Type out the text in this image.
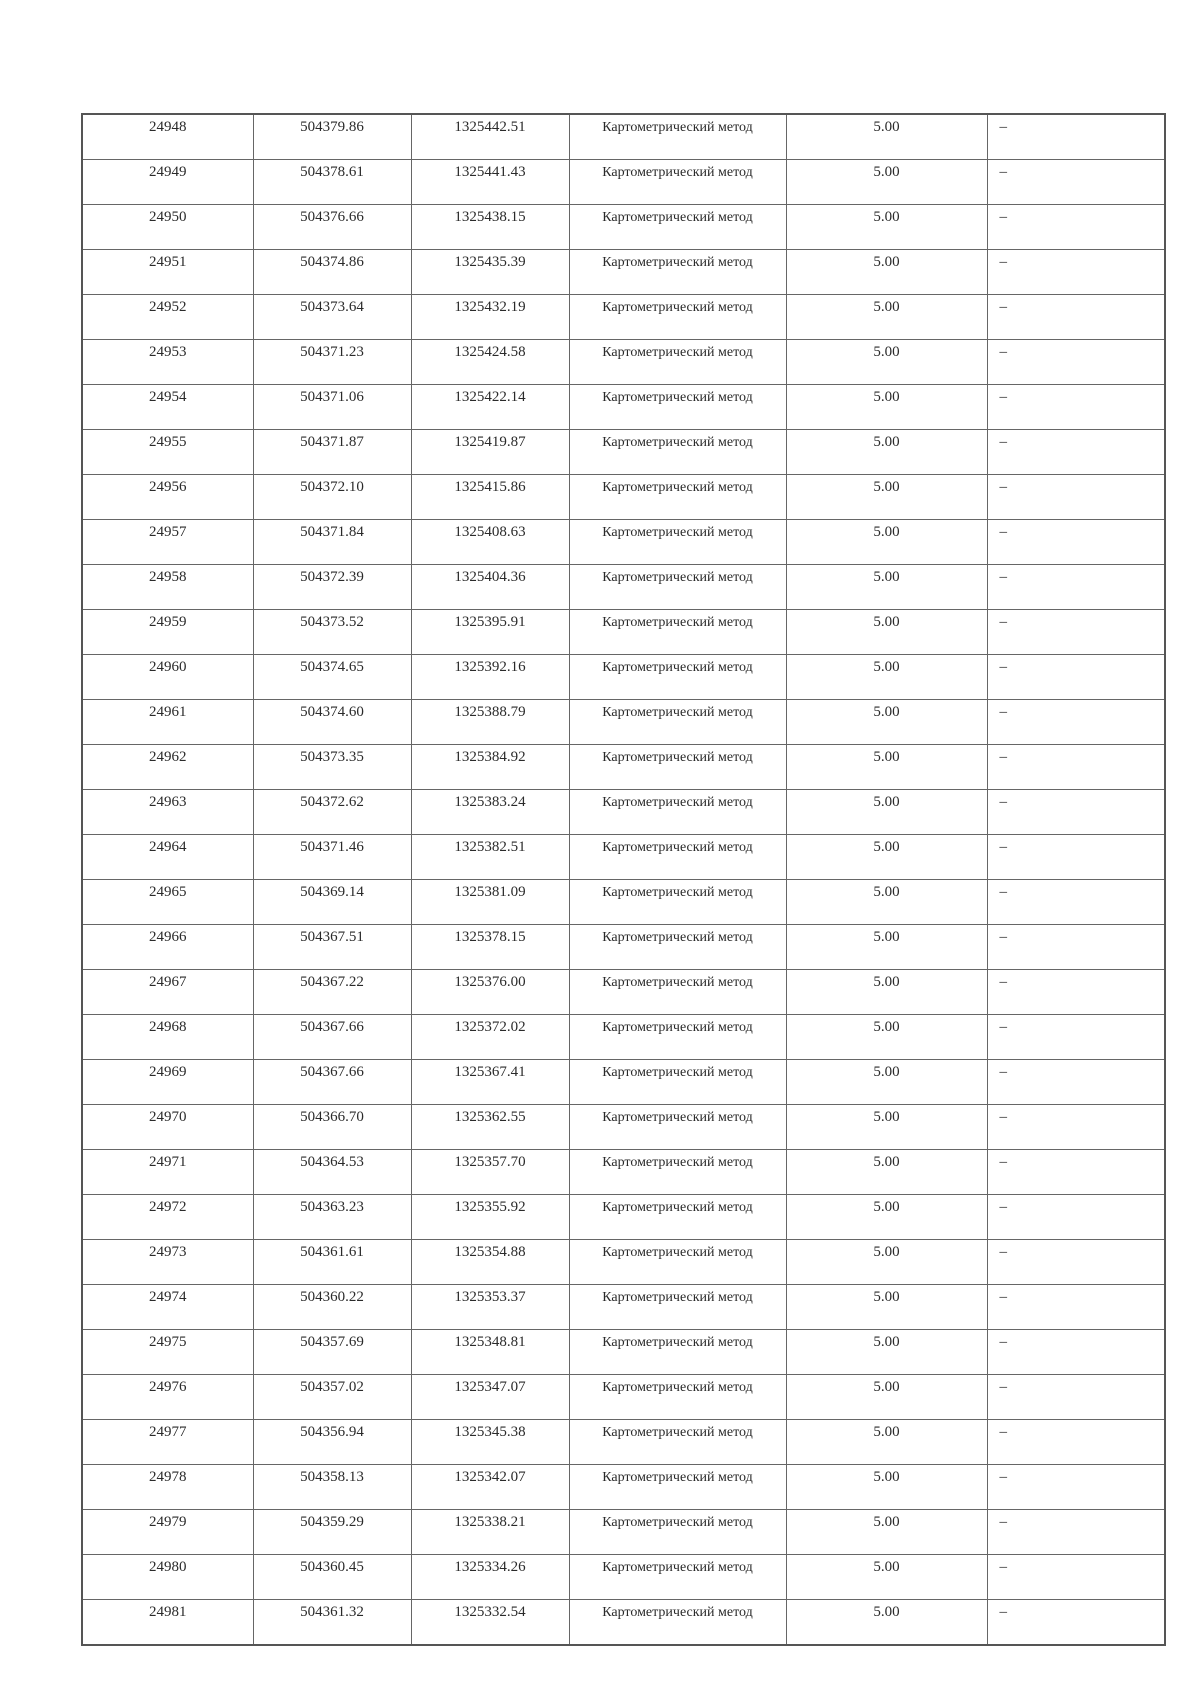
24948	504379.86	1325442.51	Картометрический метод	5.00	–
24949	504378.61	1325441.43	Картометрический метод	5.00	–
24950	504376.66	1325438.15	Картометрический метод	5.00	–
24951	504374.86	1325435.39	Картометрический метод	5.00	–
24952	504373.64	1325432.19	Картометрический метод	5.00	–
24953	504371.23	1325424.58	Картометрический метод	5.00	–
24954	504371.06	1325422.14	Картометрический метод	5.00	–
24955	504371.87	1325419.87	Картометрический метод	5.00	–
24956	504372.10	1325415.86	Картометрический метод	5.00	–
24957	504371.84	1325408.63	Картометрический метод	5.00	–
24958	504372.39	1325404.36	Картометрический метод	5.00	–
24959	504373.52	1325395.91	Картометрический метод	5.00	–
24960	504374.65	1325392.16	Картометрический метод	5.00	–
24961	504374.60	1325388.79	Картометрический метод	5.00	–
24962	504373.35	1325384.92	Картометрический метод	5.00	–
24963	504372.62	1325383.24	Картометрический метод	5.00	–
24964	504371.46	1325382.51	Картометрический метод	5.00	–
24965	504369.14	1325381.09	Картометрический метод	5.00	–
24966	504367.51	1325378.15	Картометрический метод	5.00	–
24967	504367.22	1325376.00	Картометрический метод	5.00	–
24968	504367.66	1325372.02	Картометрический метод	5.00	–
24969	504367.66	1325367.41	Картометрический метод	5.00	–
24970	504366.70	1325362.55	Картометрический метод	5.00	–
24971	504364.53	1325357.70	Картометрический метод	5.00	–
24972	504363.23	1325355.92	Картометрический метод	5.00	–
24973	504361.61	1325354.88	Картометрический метод	5.00	–
24974	504360.22	1325353.37	Картометрический метод	5.00	–
24975	504357.69	1325348.81	Картометрический метод	5.00	–
24976	504357.02	1325347.07	Картометрический метод	5.00	–
24977	504356.94	1325345.38	Картометрический метод	5.00	–
24978	504358.13	1325342.07	Картометрический метод	5.00	–
24979	504359.29	1325338.21	Картометрический метод	5.00	–
24980	504360.45	1325334.26	Картометрический метод	5.00	–
24981	504361.32	1325332.54	Картометрический метод	5.00	–
